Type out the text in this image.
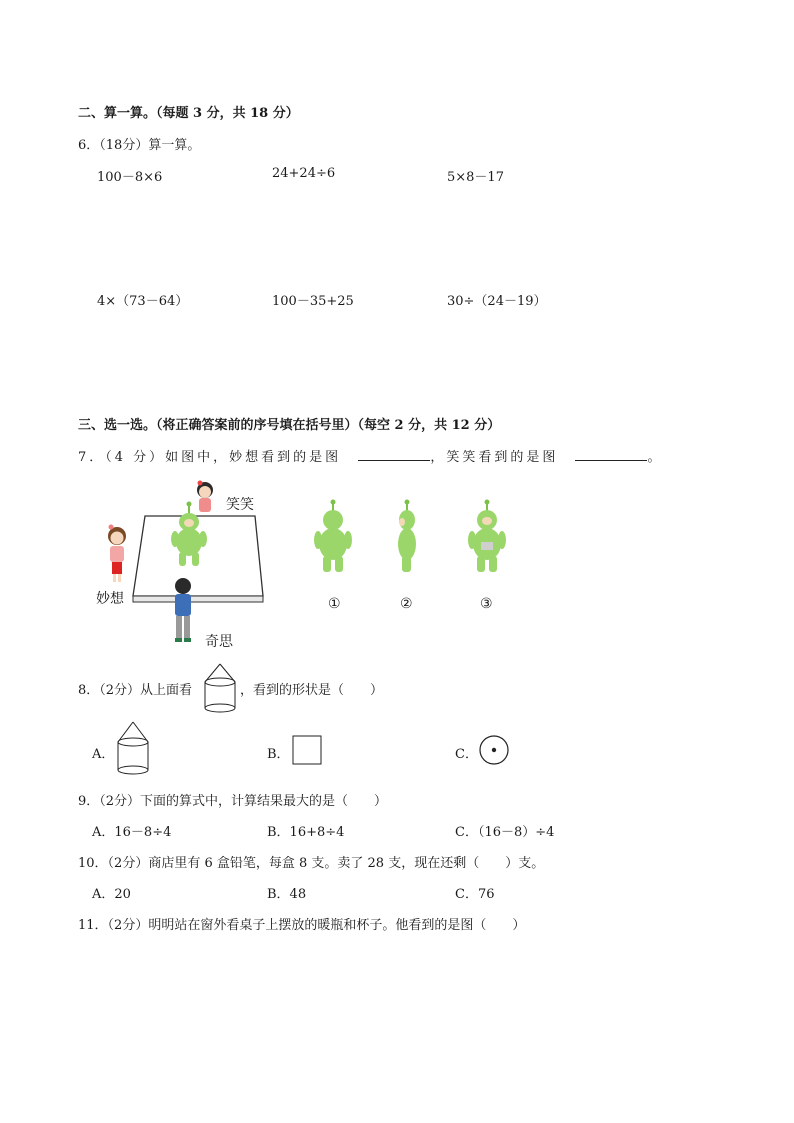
二、算一算。（每题 3 分，共 18 分）
6．（18分）算一算。
100－8×6	24+24÷6	5×8－17
4×（73－64）	100－35+25	30÷（24－19）
三、选一选。（将正确答案前的序号填在括号里）（每空 2 分，共 12 分）
7．（4 分）如图中，妙想看到的是图	，笑笑看到的是图	。
笑笑
妙想
奇思
①	②	③
8．（2分）从上面看	，看到的形状是（　　）
A．	B．	C．
9．（2分）下面的算式中，计算结果最大的是（　　）
A．16－8÷4	B．16+8÷4	C．（16－8）÷4
10．（2分）商店里有 6 盒铅笔，每盒 8 支。卖了 28 支，现在还剩（　　）支。
A．20	B．48	C．76
11．（2分）明明站在窗外看桌子上摆放的暖瓶和杯子。他看到的是图（　　）
